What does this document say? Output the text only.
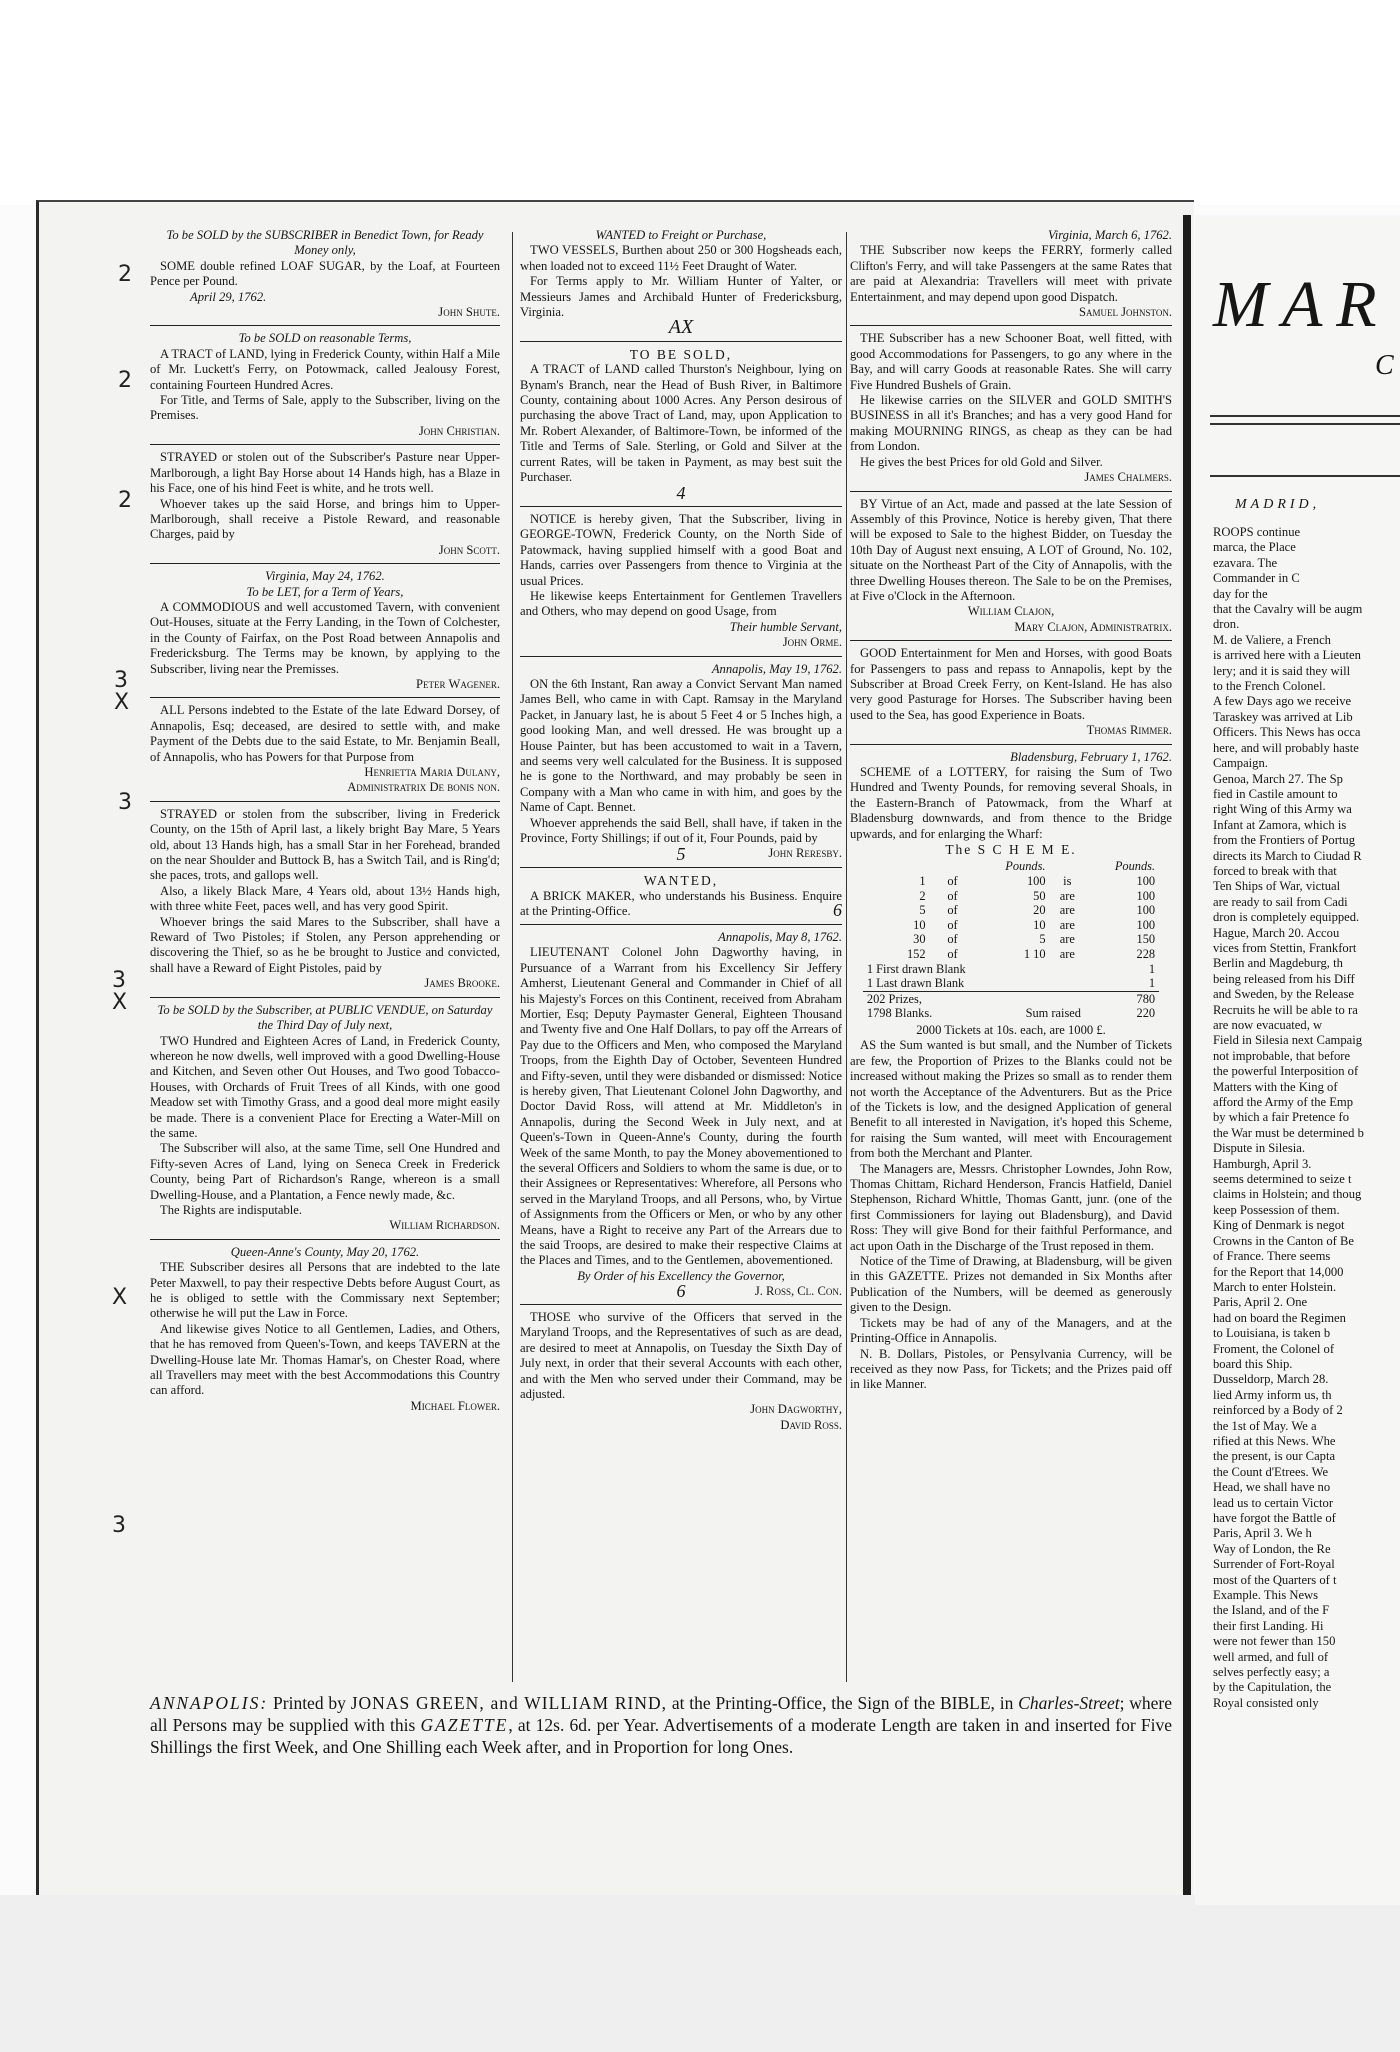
To be SOLD by the SUBSCRIBER in Benedict Town, for Ready Money only,

SOME double refined LOAF SUGAR, by the Loaf, at Fourteen Pence per Pound.

April 29, 1762.

John Shute.

To be SOLD on reasonable Terms,

A TRACT of LAND, lying in Frederick County, within Half a Mile of Mr. Luckett's Ferry, on Potowmack, called Jealousy Forest, containing Fourteen Hundred Acres.

For Title, and Terms of Sale, apply to the Subscriber, living on the Premises.

John Christian.

STRAYED or stolen out of the Subscriber's Pasture near Upper-Marlborough, a light Bay Horse about 14 Hands high, has a Blaze in his Face, one of his hind Feet is white, and he trots well.

Whoever takes up the said Horse, and brings him to Upper-Marlborough, shall receive a Pistole Reward, and reasonable Charges, paid by

John Scott.

Virginia, May 24, 1762.

To be LET, for a Term of Years,

A COMMODIOUS and well accustomed Tavern, with convenient Out-Houses, situate at the Ferry Landing, in the Town of Colchester, in the County of Fairfax, on the Post Road between Annapolis and Fredericksburg. The Terms may be known, by applying to the Subscriber, living near the Premisses.

Peter Wagener.

ALL Persons indebted to the Estate of the late Edward Dorsey, of Annapolis, Esq; deceased, are desired to settle with, and make Payment of the Debts due to the said Estate, to Mr. Benjamin Beall, of Annapolis, who has Powers for that Purpose from

Henrietta Maria Dulany,

Administratrix De bonis non.

STRAYED or stolen from the subscriber, living in Frederick County, on the 15th of April last, a likely bright Bay Mare, 5 Years old, about 13 Hands high, has a small Star in her Forehead, branded on the near Shoulder and Buttock B, has a Switch Tail, and is Ring'd; she paces, trots, and gallops well.

Also, a likely Black Mare, 4 Years old, about 13½ Hands high, with three white Feet, paces well, and has very good Spirit.

Whoever brings the said Mares to the Subscriber, shall have a Reward of Two Pistoles; if Stolen, any Person apprehending or discovering the Thief, so as he be brought to Justice and convicted, shall have a Reward of Eight Pistoles, paid by

James Brooke.

To be SOLD by the Subscriber, at PUBLIC VENDUE, on Saturday the Third Day of July next,

TWO Hundred and Eighteen Acres of Land, in Frederick County, whereon he now dwells, well improved with a good Dwelling-House and Kitchen, and Seven other Out Houses, and Two good Tobacco-Houses, with Orchards of Fruit Trees of all Kinds, with one good Meadow set with Timothy Grass, and a good deal more might easily be made. There is a convenient Place for Erecting a Water-Mill on the same.

The Subscriber will also, at the same Time, sell One Hundred and Fifty-seven Acres of Land, lying on Seneca Creek in Frederick County, being Part of Richardson's Range, whereon is a small Dwelling-House, and a Plantation, a Fence newly made, &c.

The Rights are indisputable.

William Richardson.

Queen-Anne's County, May 20, 1762.

THE Subscriber desires all Persons that are indebted to the late Peter Maxwell, to pay their respective Debts before August Court, as he is obliged to settle with the Commissary next September; otherwise he will put the Law in Force.

And likewise gives Notice to all Gentlemen, Ladies, and Others, that he has removed from Queen's-Town, and keeps TAVERN at the Dwelling-House late Mr. Thomas Hamar's, on Chester Road, where all Travellers may meet with the best Accommodations this Country can afford.

Michael Flower.

WANTED to Freight or Purchase,

TWO VESSELS, Burthen about 250 or 300 Hogsheads each, when loaded not to exceed 11½ Feet Draught of Water.

For Terms apply to Mr. William Hunter of Yalter, or Messieurs James and Archibald Hunter of Fredericksburg, Virginia.

AX

TO BE SOLD,

A TRACT of LAND called Thurston's Neighbour, lying on Bynam's Branch, near the Head of Bush River, in Baltimore County, containing about 1000 Acres. Any Person desirous of purchasing the above Tract of Land, may, upon Application to Mr. Robert Alexander, of Baltimore-Town, be informed of the Title and Terms of Sale. Sterling, or Gold and Silver at the current Rates, will be taken in Payment, as may best suit the Purchaser.

4

NOTICE is hereby given, That the Subscriber, living in GEORGE-TOWN, Frederick County, on the North Side of Patowmack, having supplied himself with a good Boat and Hands, carries over Passengers from thence to Virginia at the usual Prices.

He likewise keeps Entertainment for Gentlemen Travellers and Others, who may depend on good Usage, from

Their humble Servant,

John Orme.

Annapolis, May 19, 1762.

ON the 6th Instant, Ran away a Convict Servant Man named James Bell, who came in with Capt. Ramsay in the Maryland Packet, in January last, he is about 5 Feet 4 or 5 Inches high, a good looking Man, and well dressed. He was brought up a House Painter, but has been accustomed to wait in a Tavern, and seems very well calculated for the Business. It is supposed he is gone to the Northward, and may probably be seen in Company with a Man who came in with him, and goes by the Name of Capt. Bennet.

Whoever apprehends the said Bell, shall have, if taken in the Province, Forty Shillings; if out of it, Four Pounds, paid by

John Reresby.

5

WANTED,

A BRICK MAKER, who understands his Business. Enquire at the Printing-Office.	6

Annapolis, May 8, 1762.

LIEUTENANT Colonel John Dagworthy having, in Pursuance of a Warrant from his Excellency Sir Jeffery Amherst, Lieutenant General and Commander in Chief of all his Majesty's Forces on this Continent, received from Abraham Mortier, Esq; Deputy Paymaster General, Eighteen Thousand and Twenty five and One Half Dollars, to pay off the Arrears of Pay due to the Officers and Men, who composed the Maryland Troops, from the Eighth Day of October, Seventeen Hundred and Fifty-seven, until they were disbanded or dismissed: Notice is hereby given, That Lieutenant Colonel John Dagworthy, and Doctor David Ross, will attend at Mr. Middleton's in Annapolis, during the Second Week in July next, and at Queen's-Town in Queen-Anne's County, during the fourth Week of the same Month, to pay the Money abovementioned to the several Officers and Soldiers to whom the same is due, or to their Assignees or Representatives: Wherefore, all Persons who served in the Maryland Troops, and all Persons, who, by Virtue of Assignments from the Officers or Men, or who by any other Means, have a Right to receive any Part of the Arrears due to the said Troops, are desired to make their respective Claims at the Places and Times, and to the Gentlemen, abovementioned.

By Order of his Excellency the Governor,

J. Ross, Cl. Con.

6

THOSE who survive of the Officers that served in the Maryland Troops, and the Representatives of such as are dead, are desired to meet at Annapolis, on Tuesday the Sixth Day of July next, in order that their several Accounts with each other, and with the Men who served under their Command, may be adjusted.

John Dagworthy,

David Ross.

Virginia, March 6, 1762.

THE Subscriber now keeps the FERRY, formerly called Clifton's Ferry, and will take Passengers at the same Rates that are paid at Alexandria: Travellers will meet with private Entertainment, and may depend upon good Dispatch.

Samuel Johnston.

THE Subscriber has a new Schooner Boat, well fitted, with good Accommodations for Passengers, to go any where in the Bay, and will carry Goods at reasonable Rates. She will carry Five Hundred Bushels of Grain.

He likewise carries on the SILVER and GOLD SMITH'S BUSINESS in all it's Branches; and has a very good Hand for making MOURNING RINGS, as cheap as they can be had from London.

He gives the best Prices for old Gold and Silver.

James Chalmers.

BY Virtue of an Act, made and passed at the late Session of Assembly of this Province, Notice is hereby given, That there will be exposed to Sale to the highest Bidder, on Tuesday the 10th Day of August next ensuing, A LOT of Ground, No. 102, situate on the Northeast Part of the City of Annapolis, with the three Dwelling Houses thereon. The Sale to be on the Premises, at Five o'Clock in the Afternoon.

William Clajon,

Mary Clajon, Administratrix.

GOOD Entertainment for Men and Horses, with good Boats for Passengers to pass and repass to Annapolis, kept by the Subscriber at Broad Creek Ferry, on Kent-Island. He has also very good Pasturage for Horses. The Subscriber having been used to the Sea, has good Experience in Boats.

Thomas Rimmer.

Bladensburg, February 1, 1762.

SCHEME of a LOTTERY, for raising the Sum of Two Hundred and Twenty Pounds, for removing several Shoals, in the Eastern-Branch of Patowmack, from the Wharf at Bladensburg downwards, and from thence to the Bridge upwards, and for enlarging the Wharf:

The S C H E M E.

		Pounds.		Pounds.
1	of	100	is	100
2	of	50	are	100
5	of	20	are	100
10	of	10	are	100
30	of	5	are	150
152	of	1 10	are	228
1 First drawn Blank				1
1 Last drawn Blank				1
202 Prizes,				780
1798 Blanks.		Sum raised		220

2000 Tickets at 10s. each, are 1000 £.

AS the Sum wanted is but small, and the Number of Tickets are few, the Proportion of Prizes to the Blanks could not be increased without making the Prizes so small as to render them not worth the Acceptance of the Adventurers. But as the Price of the Tickets is low, and the designed Application of general Benefit to all interested in Navigation, it's hoped this Scheme, for raising the Sum wanted, will meet with Encouragement from both the Merchant and Planter.

The Managers are, Messrs. Christopher Lowndes, John Row, Thomas Chittam, Richard Henderson, Francis Hatfield, Daniel Stephenson, Richard Whittle, Thomas Gantt, junr. (one of the first Commissioners for laying out Bladensburg), and David Ross: They will give Bond for their faithful Performance, and act upon Oath in the Discharge of the Trust reposed in them.

Notice of the Time of Drawing, at Bladensburg, will be given in this GAZETTE. Prizes not demanded in Six Months after Publication of the Numbers, will be deemed as generously given to the Design.

Tickets may be had of any of the Managers, and at the Printing-Office in Annapolis.

N. B. Dollars, Pistoles, or Pensylvania Currency, will be received as they now Pass, for Tickets; and the Prizes paid off in like Manner.

2
2
2
3
X
3
3
X
X
3

ANNAPOLIS: Printed by JONAS GREEN, and WILLIAM RIND, at the Printing-Office, the Sign of the BIBLE, in Charles-Street; where all Persons may be supplied with this GAZETTE, at 12s. 6d. per Year. Advertisements of a moderate Length are taken in and inserted for Five Shillings the first Week, and One Shilling each Week after, and in Proportion for long Ones.

MAR
C
MADRID,

ROOPS continue

marca, the Place

ezavara. The

Commander in C

day for the

that the Cavalry will be augm

dron.

M. de Valiere, a French

is arrived here with a Lieuten

lery; and it is said they will

to the French Colonel.

A few Days ago we receive

Taraskey was arrived at Lib

Officers. This News has occa

here, and will probably haste

Campaign.

Genoa, March 27. The Sp

fied in Castile amount to

right Wing of this Army wa

Infant at Zamora, which is

from the Frontiers of Portug

directs its March to Ciudad R

forced to break with that

Ten Ships of War, victual

are ready to sail from Cadi

dron is completely equipped.

Hague, March 20. Accou

vices from Stettin, Frankfort

Berlin and Magdeburg, th

being released from his Diff

and Sweden, by the Release

Recruits he will be able to ra

are now evacuated, w

Field in Silesia next Campaig

not improbable, that before

the powerful Interposition of

Matters with the King of

afford the Army of the Emp

by which a fair Pretence fo

the War must be determined b

Dispute in Silesia.

Hamburgh, April 3.

seems determined to seize t

claims in Holstein; and thoug

keep Possession of them.

King of Denmark is negot

Crowns in the Canton of Be

of France. There seems

for the Report that 14,000

March to enter Holstein.

Paris, April 2. One

had on board the Regimen

to Louisiana, is taken b

Froment, the Colonel of

board this Ship.

Dusseldorp, March 28.

lied Army inform us, th

reinforced by a Body of 2

the 1st of May. We a

rified at this News. Whe

the present, is our Capta

the Count d'Etrees. We

Head, we shall have no

lead us to certain Victor

have forgot the Battle of

Paris, April 3. We h

Way of London, the Re

Surrender of Fort-Royal

most of the Quarters of t

Example. This News

the Island, and of the F

their first Landing. Hi

were not fewer than 150

well armed, and full of

selves perfectly easy; a

by the Capitulation, the

Royal consisted only
